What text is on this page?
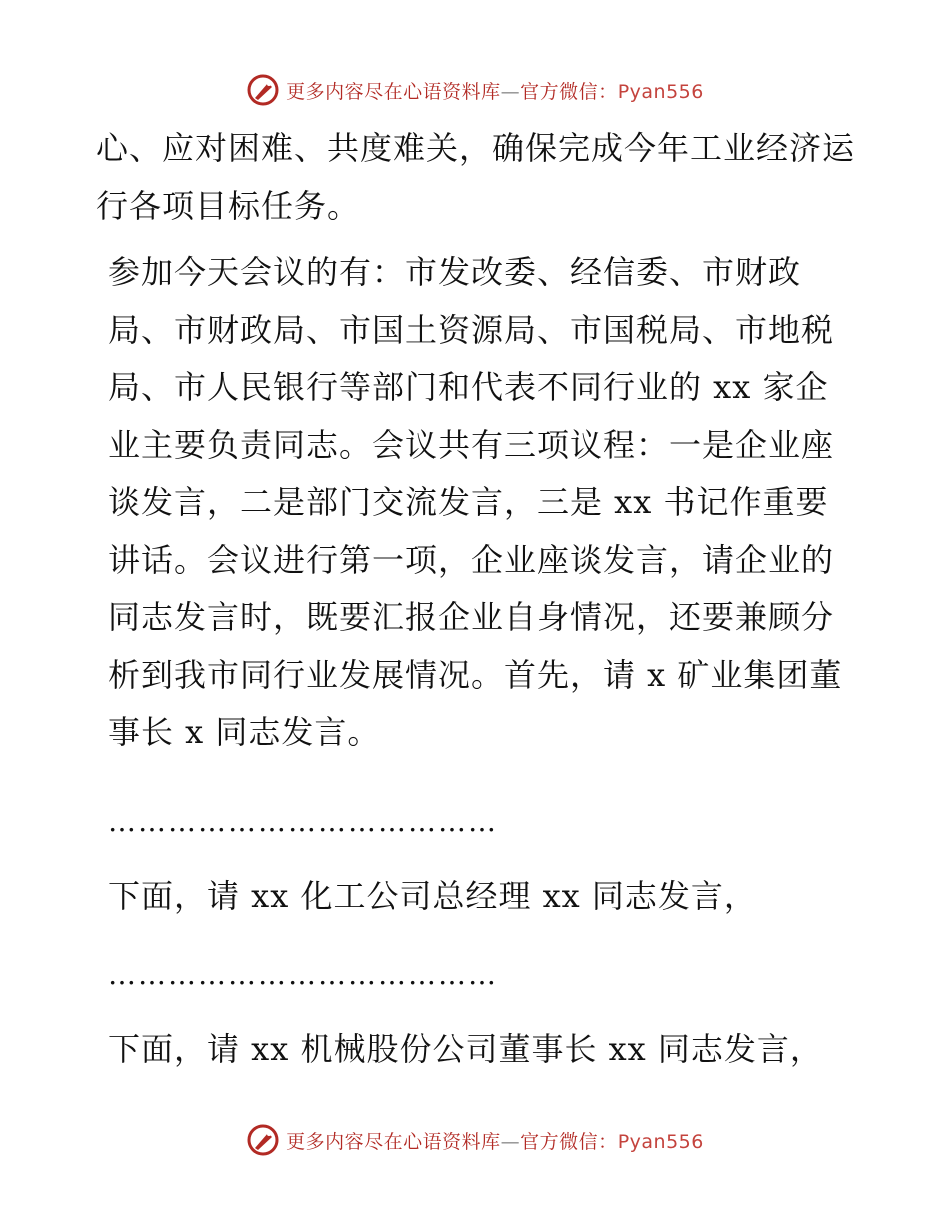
更多内容尽在心语资料库—官方微信：Pyan556

心、应对困难、共度难关，确保完成今年工业经济运行各项目标任务。

参加今天会议的有：市发改委、经信委、市财政局、市财政局、市国土资源局、市国税局、市地税局、市人民银行等部门和代表不同行业的 xx 家企业主要负责同志。会议共有三项议程：一是企业座谈发言，二是部门交流发言，三是 xx 书记作重要讲话。会议进行第一项，企业座谈发言，请企业的同志发言时，既要汇报企业自身情况，还要兼顾分析到我市同行业发展情况。首先，请 x 矿业集团董事长 x 同志发言。

…………………………………

下面，请 xx 化工公司总经理 xx 同志发言，

…………………………………

下面，请 xx 机械股份公司董事长 xx 同志发言，

更多内容尽在心语资料库—官方微信：Pyan556
